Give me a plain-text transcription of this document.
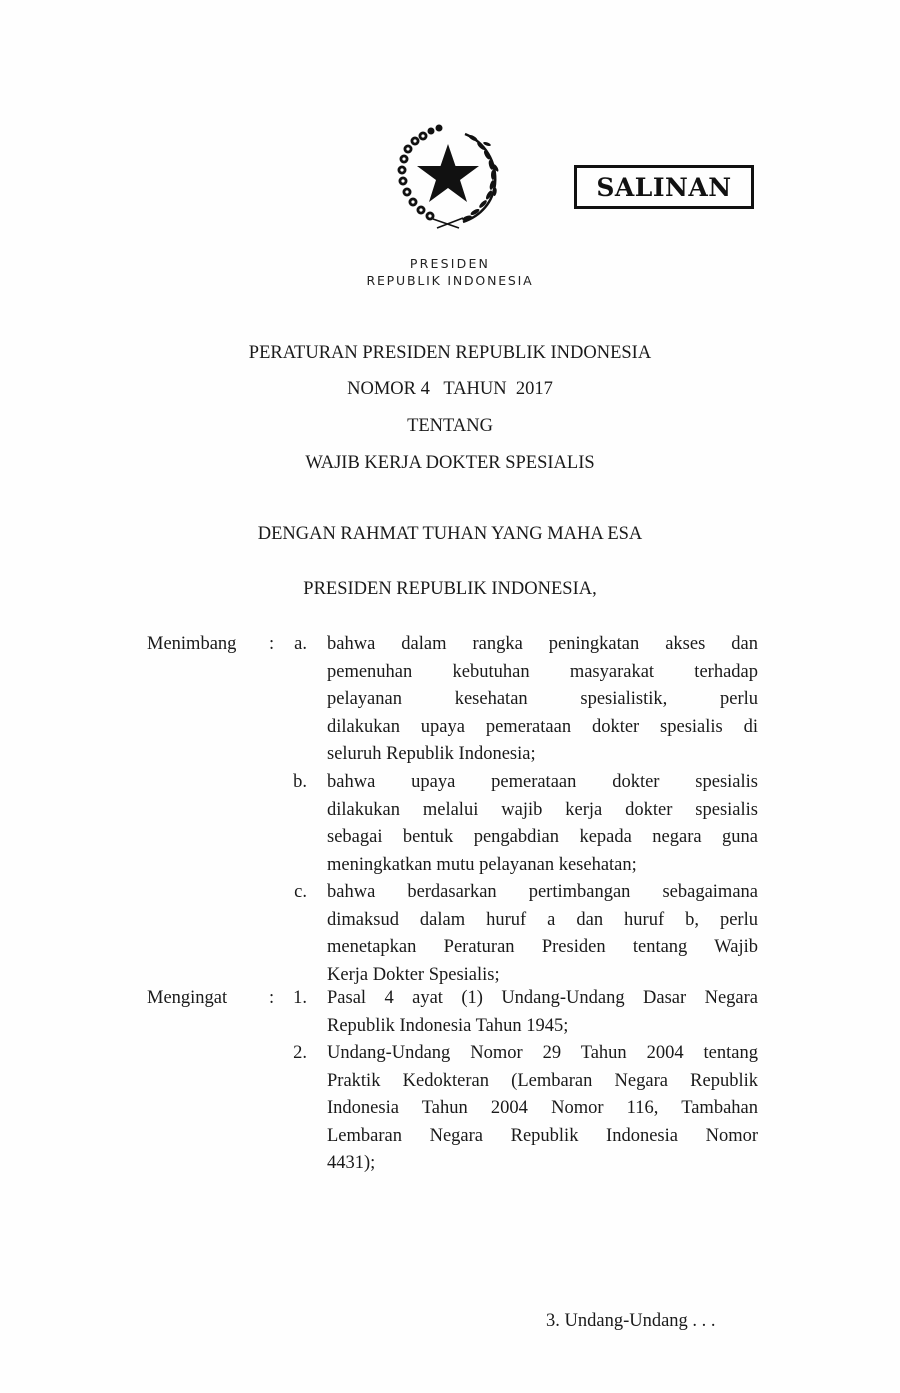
SALINAN
PRESIDEN
REPUBLIK INDONESIA
PERATURAN PRESIDEN REPUBLIK INDONESIA
NOMOR 4   TAHUN  2017
TENTANG
WAJIB KERJA DOKTER SPESIALIS
DENGAN RAHMAT TUHAN YANG MAHA ESA
PRESIDEN REPUBLIK INDONESIA,
Menimbang :	a. bahwa dalam rangka peningkatan akses dan
pemenuhan kebutuhan masyarakat terhadap
pelayanan kesehatan spesialistik, perlu
dilakukan upaya pemerataan dokter spesialis di
seluruh Republik Indonesia;
b. bahwa upaya pemerataan dokter spesialis
dilakukan melalui wajib kerja dokter spesialis
sebagai bentuk pengabdian kepada negara guna
meningkatkan mutu pelayanan kesehatan;
c. bahwa berdasarkan pertimbangan sebagaimana
dimaksud dalam huruf a dan huruf b, perlu
menetapkan Peraturan Presiden tentang Wajib
Kerja Dokter Spesialis;
Mengingat :	1. Pasal 4 ayat (1) Undang-Undang Dasar Negara
Republik Indonesia Tahun 1945;
2. Undang-Undang Nomor 29 Tahun 2004 tentang
Praktik Kedokteran (Lembaran Negara Republik
Indonesia Tahun 2004 Nomor 116, Tambahan
Lembaran Negara Republik Indonesia Nomor
4431);
3. Undang-Undang . . .
